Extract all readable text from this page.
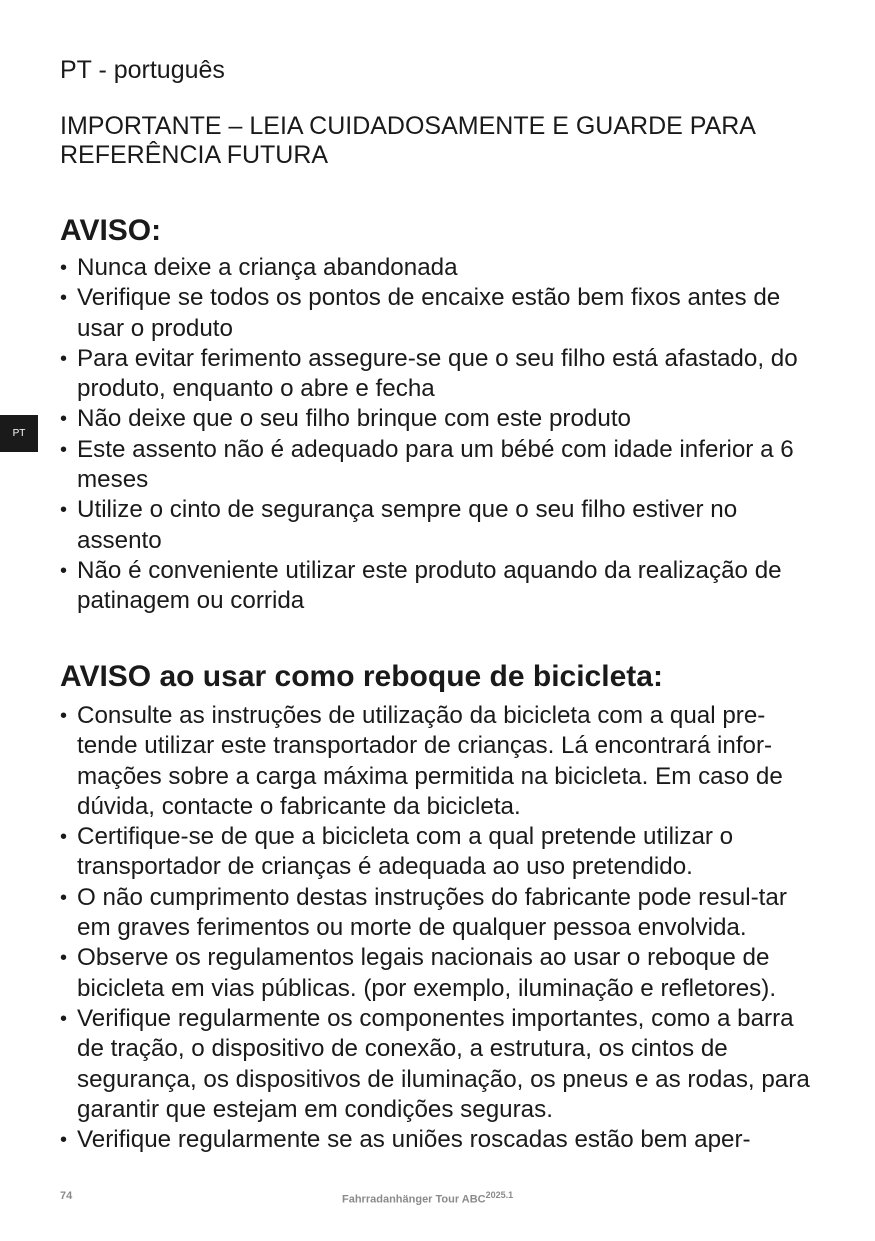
PT - português
IMPORTANTE – LEIA CUIDADOSAMENTE E GUARDE PARA REFERÊNCIA FUTURA
PT
AVISO:
• Nunca deixe a criança abandonada
• Verifique se todos os pontos de encaixe estão bem fixos antes de usar o produto
• Para evitar ferimento assegure-se que o seu filho está afastado, do produto, enquanto o abre e fecha
• Não deixe que o seu filho brinque com este produto
• Este assento não é adequado para um bébé com idade inferior a 6 meses
• Utilize o cinto de segurança sempre que o seu filho estiver no assento
• Não é conveniente utilizar este produto aquando da realização de patinagem ou corrida
AVISO ao usar como reboque de bicicleta:
• Consulte as instruções de utilização da bicicleta com a qual pre-tende utilizar este transportador de crianças. Lá encontrará infor-mações sobre a carga máxima permitida na bicicleta. Em caso de dúvida, contacte o fabricante da bicicleta.
• Certifique-se de que a bicicleta com a qual pretende utilizar o transportador de crianças é adequada ao uso pretendido.
• O não cumprimento destas instruções do fabricante pode resul-tar em graves ferimentos ou morte de qualquer pessoa envolvida.
• Observe os regulamentos legais nacionais ao usar o reboque de bicicleta em vias públicas. (por exemplo, iluminação e refletores).
• Verifique regularmente os componentes importantes, como a barra de tração, o dispositivo de conexão, a estrutura, os cintos de segurança, os dispositivos de iluminação, os pneus e as rodas, para garantir que estejam em condições seguras.
• Verifique regularmente se as uniões roscadas estão bem aper-
74	Fahrradanhänger Tour $ABC^{2025.1}$
